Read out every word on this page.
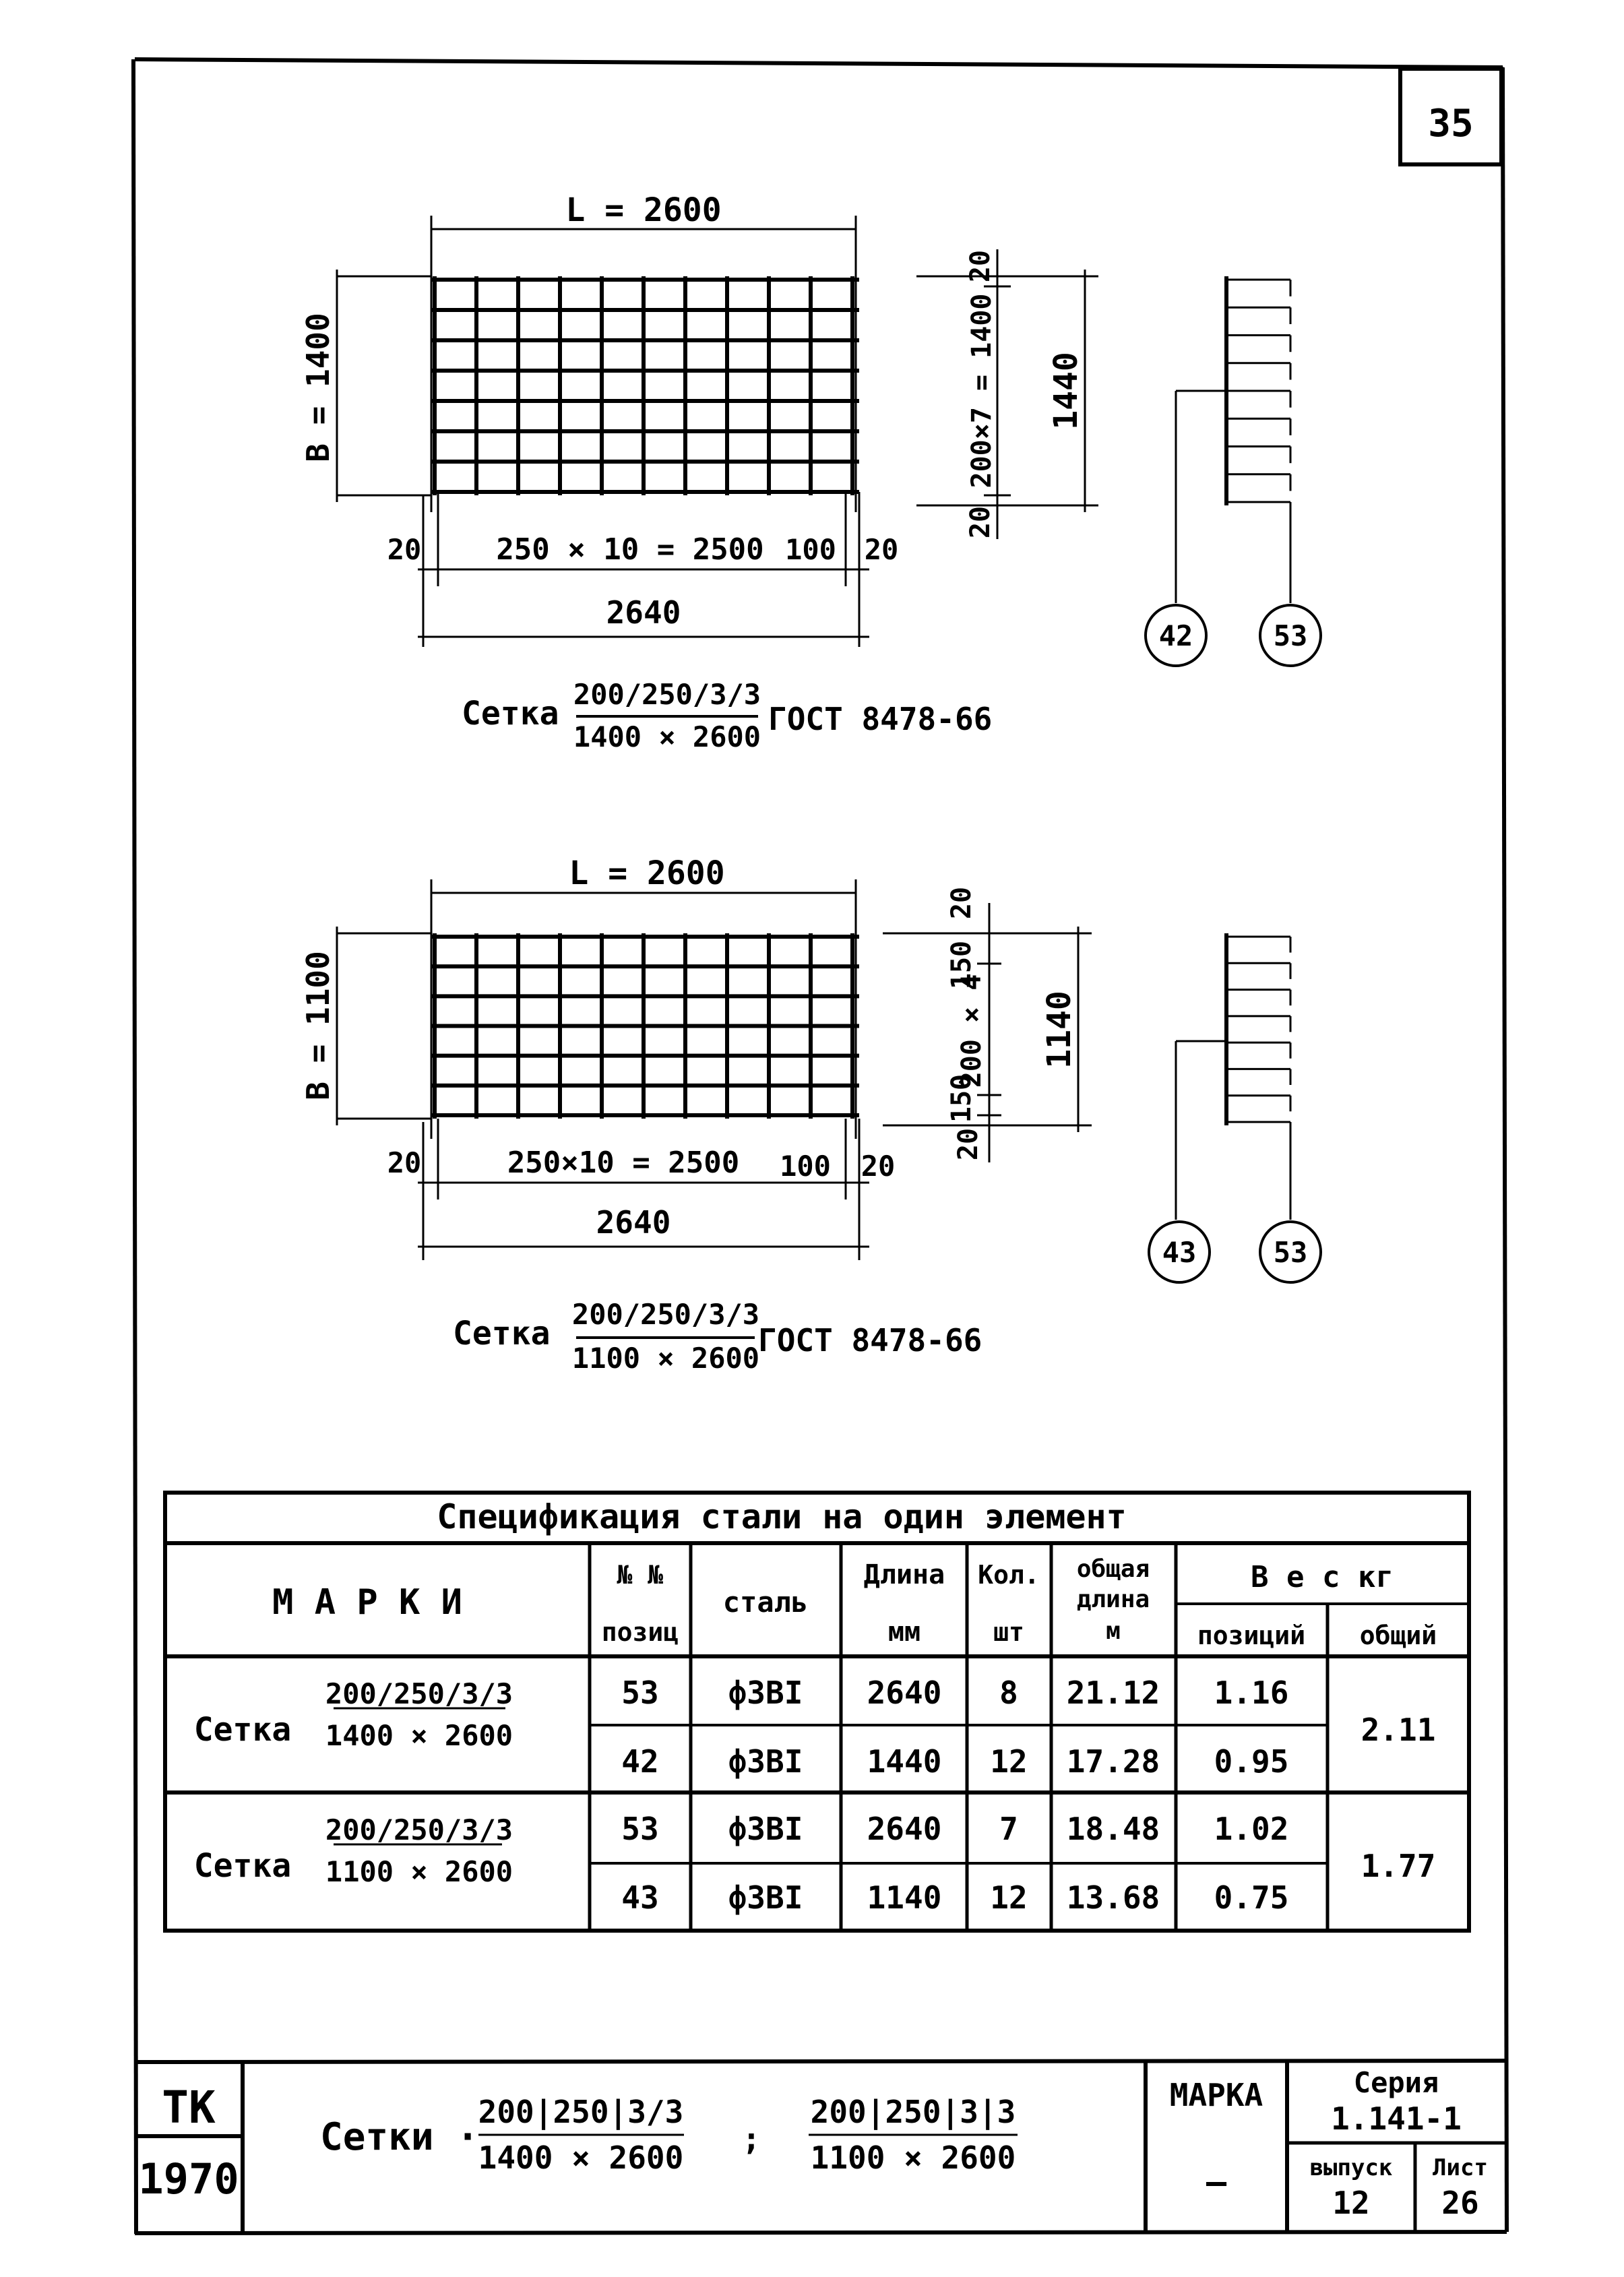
35
L = 2600
B = 1400
20	250 × 10 = 2500 100 20
2640
20
200×7 = 1400
20
1440
42	53
Сетка
200/250/3/3
1400 × 2600 ГОСТ 8478-66
L = 2600
B = 1100
20	250×10 = 2500 100 20
2640
20
150
200 × 4
150
20
1140
43	53
Сетка
200/250/3/3
1100 × 2600
ГОСТ 8478-66
Спецификация стали на один элемент
М А Р К И
№ №
позиц
сталь
Длина
мм
Кол.
шт
общая
длина
м
В е с кг
позиций общий
Сетка
200/250/3/3
1400 × 2600	2.11
53 ф3ВI 2640 8 21.12 1.16
42 ф3ВI 1440 12 17.28 0.95
Сетка
200/250/3/3
1100 × 2600	1.77
53 ф3ВI 2640 7 18.48 1.02
43 ф3ВI 1140 12 13.68 0.75
ТК
1970
Сетки ·
200|250|3/3
1400 × 2600
;
200|250|3|3
1100 × 2600
МАРКА
—
Серия
1.141-1
выпуск
12
Лист
26
